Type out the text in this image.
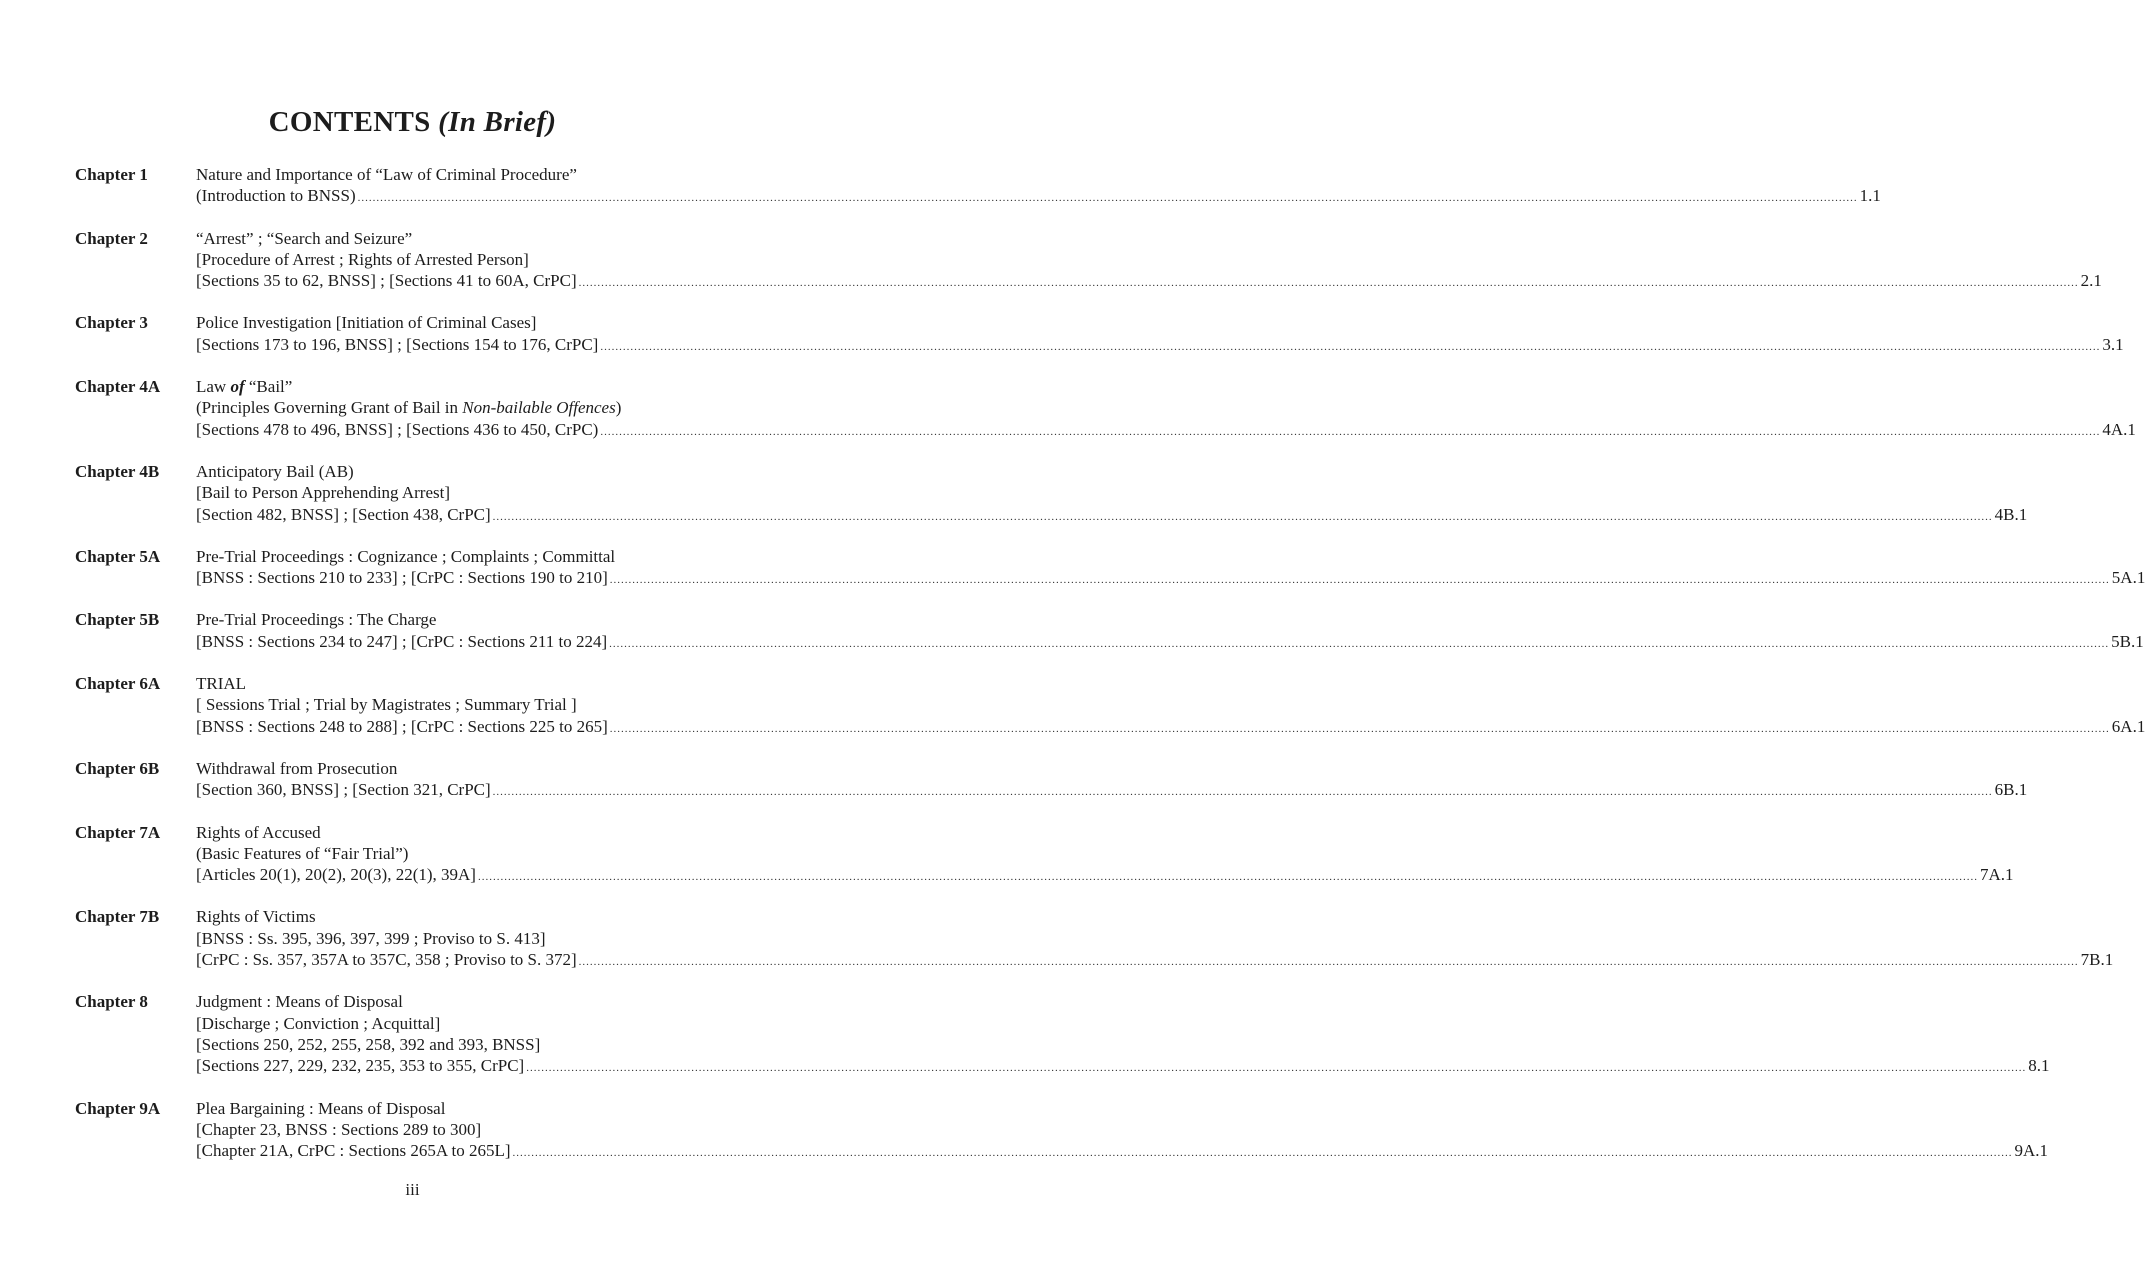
CONTENTS (In Brief)
Chapter 1	Nature and Importance of “Law of Criminal Procedure”
(Introduction to BNSS) ................................................................................................................................................................................................................................................................................................................................................................................................................ 1.1
Chapter 2	“Arrest” ; “Search and Seizure”
[Procedure of Arrest ; Rights of Arrested Person]
[Sections 35 to 62, BNSS] ; [Sections 41 to 60A, CrPC] ................................................................................................................................................................................................................................................................................................................................................................................................................ 2.1
Chapter 3	Police Investigation [Initiation of Criminal Cases]
[Sections 173 to 196, BNSS] ; [Sections 154 to 176, CrPC] ................................................................................................................................................................................................................................................................................................................................................................................................................ 3.1
Chapter 4A	Law of “Bail”
(Principles Governing Grant of Bail in Non-bailable Offences)
[Sections 478 to 496, BNSS] ; [Sections 436 to 450, CrPC) ................................................................................................................................................................................................................................................................................................................................................................................................................ 4A.1
Chapter 4B	Anticipatory Bail (AB)
[Bail to Person Apprehending Arrest]
[Section 482, BNSS] ; [Section 438, CrPC] ................................................................................................................................................................................................................................................................................................................................................................................................................ 4B.1
Chapter 5A	Pre-Trial Proceedings : Cognizance ; Complaints ; Committal
[BNSS : Sections 210 to 233] ; [CrPC : Sections 190 to 210] ................................................................................................................................................................................................................................................................................................................................................................................................................ 5A.1
Chapter 5B	Pre-Trial Proceedings : The Charge
[BNSS : Sections 234 to 247] ; [CrPC : Sections 211 to 224] ................................................................................................................................................................................................................................................................................................................................................................................................................ 5B.1
Chapter 6A	TRIAL
[ Sessions Trial ; Trial by Magistrates ; Summary Trial ]
[BNSS : Sections 248 to 288] ; [CrPC : Sections 225 to 265] ................................................................................................................................................................................................................................................................................................................................................................................................................ 6A.1
Chapter 6B	Withdrawal from Prosecution
[Section 360, BNSS] ; [Section 321, CrPC] ................................................................................................................................................................................................................................................................................................................................................................................................................ 6B.1
Chapter 7A	Rights of Accused
(Basic Features of “Fair Trial”)
[Articles 20(1), 20(2), 20(3), 22(1), 39A] ................................................................................................................................................................................................................................................................................................................................................................................................................ 7A.1
Chapter 7B	Rights of Victims
[BNSS : Ss. 395, 396, 397, 399 ; Proviso to S. 413]
[CrPC : Ss. 357, 357A to 357C, 358 ; Proviso to S. 372] ................................................................................................................................................................................................................................................................................................................................................................................................................ 7B.1
Chapter 8	Judgment : Means of Disposal
[Discharge ; Conviction ; Acquittal]
[Sections 250, 252, 255, 258, 392 and 393, BNSS]
[Sections 227, 229, 232, 235, 353 to 355, CrPC] ................................................................................................................................................................................................................................................................................................................................................................................................................ 8.1
Chapter 9A	Plea Bargaining : Means of Disposal
[Chapter 23, BNSS : Sections 289 to 300]
[Chapter 21A, CrPC : Sections 265A to 265L] ................................................................................................................................................................................................................................................................................................................................................................................................................ 9A.1
iii
